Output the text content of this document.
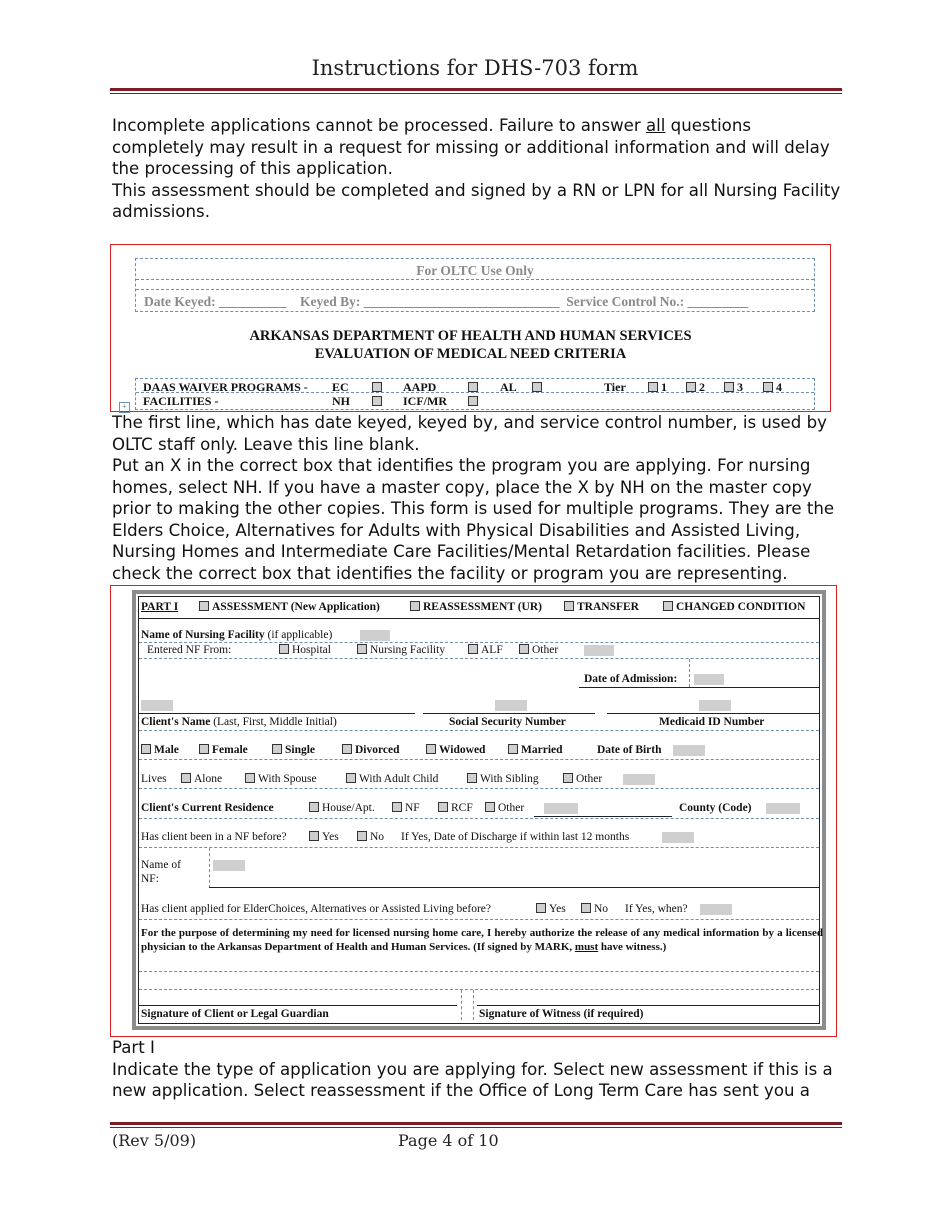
Instructions for DHS-703 form

Incomplete applications cannot be processed. Failure to answer all questions completely may result in a request for missing or additional information and will delay the processing of this application.

This assessment should be completed and signed by a RN or LPN for all Nursing Facility admissions.

For OLTC Use Only
Date Keyed: __________ Keyed By: _____________________________ Service Control No.: _________
ARKANSAS DEPARTMENT OF HEALTH AND HUMAN SERVICES
EVALUATION OF MEDICAL NEED CRITERIA
DAAS WAIVER PROGRAMS - EC	AAPD	AL	Tier	1	2	3	4
FACILITIES -	NH	ICF/MR
+

The first line, which has date keyed, keyed by, and service control number, is used by OLTC staff only. Leave this line blank.

Put an X in the correct box that identifies the program you are applying. For nursing homes, select NH. If you have a master copy, place the X by NH on the master copy prior to making the other copies. This form is used for multiple programs. They are the Elders Choice, Alternatives for Adults with Physical Disabilities and Assisted Living, Nursing Homes and Intermediate Care Facilities/Mental Retardation facilities. Please check the correct box that identifies the facility or program you are representing.

PART I	ASSESSMENT (New Application)	REASSESSMENT (UR)	TRANSFER	CHANGED CONDITION
Name of Nursing Facility (if applicable)
Entered NF From:	Hospital	Nursing Facility	ALF	Other
Date of Admission:
Client's Name (Last, First, Middle Initial)	Social Security Number	Medicaid ID Number
Male	Female	Single	Divorced	Widowed	Married	Date of Birth
Lives	Alone	With Spouse	With Adult Child	With Sibling	Other
Client's Current Residence	House/Apt.	NF	RCF	Other	County (Code)
Has client been in a NF before?	Yes	No If Yes, Date of Discharge if within last 12 months
Name of
NF:
Has client applied for ElderChoices, Alternatives or Assisted Living before?	Yes	No If Yes, when?
For the purpose of determining my need for licensed nursing home care, I hereby authorize the release of any medical information by a licensed physician to the Arkansas Department of Health and Human Services. (If signed by MARK, must have witness.)
Signature of Client or Legal Guardian	Signature of Witness (if required)

Part I

Indicate the type of application you are applying for. Select new assessment if this is a new application. Select reassessment if the Office of Long Term Care has sent you a

(Rev 5/09)	Page 4 of 10
